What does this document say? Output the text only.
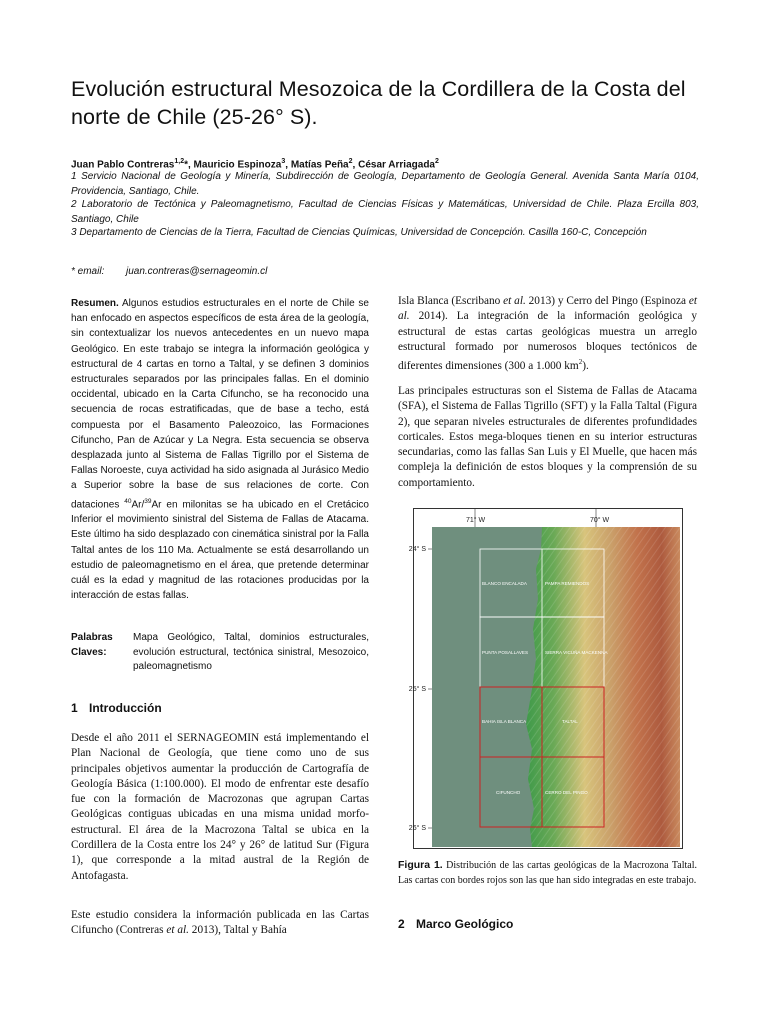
Evolución estructural Mesozoica de la Cordillera de la Costa del norte de Chile (25-26° S).
Juan Pablo Contreras$^{1,2}$*, Mauricio Espinoza$^3$, Matías Peña$^2$, César Arriagada$^2$
1 Servicio Nacional de Geología y Minería, Subdirección de Geología, Departamento de Geología General. Avenida Santa María 0104, Providencia, Santiago, Chile.
2 Laboratorio de Tectónica y Paleomagnetismo, Facultad de Ciencias Físicas y Matemáticas, Universidad de Chile. Plaza Ercilla 803, Santiago, Chile
3 Departamento de Ciencias de la Tierra, Facultad de Ciencias Químicas, Universidad de Concepción. Casilla 160-C, Concepción
* email: juan.contreras@sernageomin.cl
Resumen. Algunos estudios estructurales en el norte de Chile se han enfocado en aspectos específicos de esta área de la geología, sin contextualizar los nuevos antecedentes en un nuevo mapa Geológico. En este trabajo se integra la información geológica y estructural de 4 cartas en torno a Taltal, y se definen 3 dominios estructurales separados por las principales fallas. En el dominio occidental, ubicado en la Carta Cifuncho, se ha reconocido una secuencia de rocas estratificadas, que de base a techo, está compuesta por el Basamento Paleozoico, las Formaciones Cifuncho, Pan de Azúcar y La Negra. Esta secuencia se observa desplazada junto al Sistema de Fallas Tigrillo por el Sistema de Fallas Noroeste, cuya actividad ha sido asignada al Jurásico Medio a Superior sobre la base de sus relaciones de corte. Con dataciones $^{40}$Ar/$^{39}$Ar en milonitas se ha ubicado en el Cretácico Inferior el movimiento sinistral del Sistema de Fallas de Atacama. Este último ha sido desplazado con cinemática sinistral por la Falla Taltal antes de los 110 Ma. Actualmente se está desarrollando un estudio de paleomagnetismo en el área, que pretende determinar cuál es la edad y magnitud de las rotaciones producidas por la interacción de estas fallas.
Palabras Claves:
Mapa Geológico, Taltal, dominios estructurales, evolución estructural, tectónica sinistral, Mesozoico, paleomagnetismo
1 Introducción
Desde el año 2011 el SERNAGEOMIN está implementando el Plan Nacional de Geología, que tiene como uno de sus principales objetivos aumentar la producción de Cartografía de Geología Básica (1:100.000). El modo de enfrentar este desafío fue con la formación de Macrozonas que agrupan Cartas Geológicas contiguas ubicadas en una misma unidad morfo-estructural. El área de la Macrozona Taltal se ubica en la Cordillera de la Costa entre los 24° y 26° de latitud Sur (Figura 1), que corresponde a la mitad austral de la Región de Antofagasta.
Este estudio considera la información publicada en las Cartas Cifuncho (Contreras et al. 2013), Taltal y Bahía
Isla Blanca (Escribano et al. 2013) y Cerro del Pingo (Espinoza et al. 2014). La integración de la información geológica y estructural de estas cartas geológicas muestra un arreglo estructural formado por numerosos bloques tectónicos de diferentes dimensiones (300 a 1.000 $km^2$).
Las principales estructuras son el Sistema de Fallas de Atacama (SFA), el Sistema de Fallas Tigrillo (SFT) y la Falla Taltal (Figura 2), que separan niveles estructurales de diferentes profundidades corticales. Estos mega-bloques tienen en su interior estructuras secundarias, como las fallas San Luis y El Muelle, que hacen más compleja la definición de estos bloques y la comprensión de su comportamiento.
71° W	70° W
24° S
25° S
26° S
BLANCO ENCALADA	PAMPA REMIENDOS
PUNTA POSALLAVES	SIERRA VICUÑA MACKENNA
BAHIA ISLA BLANCA	TALTAL
CIFUNCHO	CERRO DEL PINGO
Figura 1. Distribución de las cartas geológicas de la Macrozona Taltal. Las cartas con bordes rojos son las que han sido integradas en este trabajo.
2 Marco Geológico
